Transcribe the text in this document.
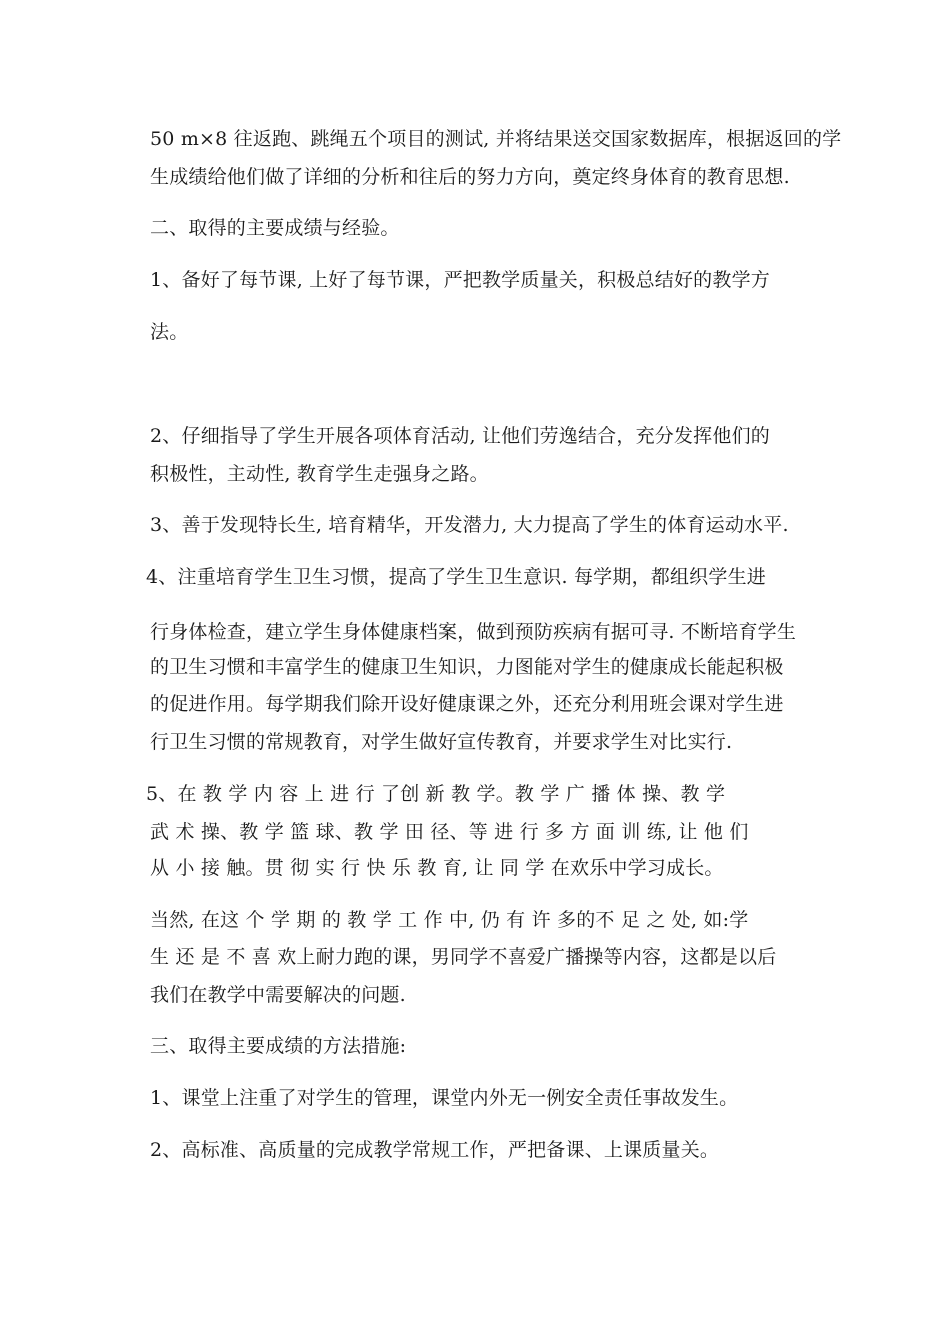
50 m×8 往返跑、跳绳五个项目的测试, 并将结果送交国家数据库，根据返回的学
生成绩给他们做了详细的分析和往后的努力方向，奠定终身体育的教育思想.
二、取得的主要成绩与经验。
1、备好了每节课, 上好了每节课，严把教学质量关，积极总结好的教学方
法。
2、仔细指导了学生开展各项体育活动, 让他们劳逸结合，充分发挥他们的
积极性，主动性, 教育学生走强身之路。
3、善于发现特长生, 培育精华，开发潜力, 大力提高了学生的体育运动水平.
4、注重培育学生卫生习惯，提高了学生卫生意识. 每学期，都组织学生进
行身体检查，建立学生身体健康档案，做到预防疾病有据可寻. 不断培育学生
的卫生习惯和丰富学生的健康卫生知识，力图能对学生的健康成长能起积极
的促进作用。每学期我们除开设好健康课之外，还充分利用班会课对学生进
行卫生习惯的常规教育，对学生做好宣传教育，并要求学生对比实行.
5、在 教 学 内 容 上 进 行 了创 新 教 学。教 学 广 播 体 操、教 学
武 术 操、教 学 篮 球、教 学 田 径、等 进 行 多 方 面 训 练, 让 他 们
从 小 接 触。贯 彻 实 行 快 乐 教 育, 让 同 学 在欢乐中学习成长。
当然, 在这 个 学 期 的 教 学 工 作 中, 仍 有 许 多的不 足 之 处, 如:学
生 还 是 不 喜 欢上耐力跑的课，男同学不喜爱广播操等内容，这都是以后
我们在教学中需要解决的问题.
三、取得主要成绩的方法措施:
1、课堂上注重了对学生的管理，课堂内外无一例安全责任事故发生。
2、高标准、高质量的完成教学常规工作，严把备课、上课质量关。
